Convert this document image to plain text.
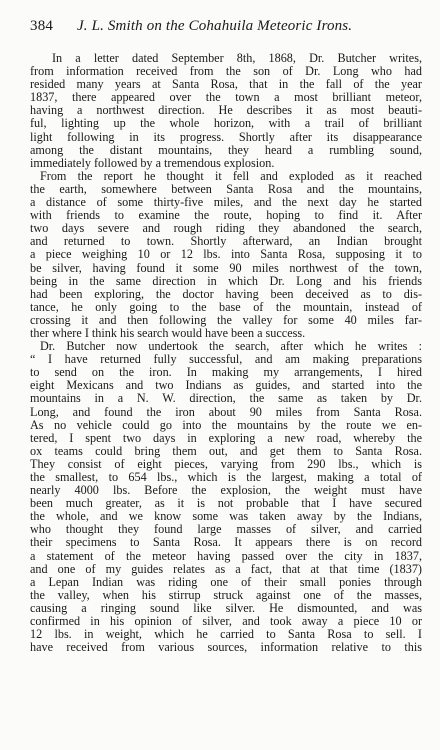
384 J. L. Smith on the Cohahuila Meteoric Irons.
In a letter dated September 8th, 1868, Dr. Butcher writes,
from information received from the son of Dr. Long who had
resided many years at Santa Rosa, that in the fall of the year
1837, there appeared over the town a most brilliant meteor,
having a northwest direction. He describes it as most beauti-
ful, lighting up the whole horizon, with a trail of brilliant
light following in its progress. Shortly after its disappearance
among the distant mountains, they heard a rumbling sound,
immediately followed by a tremendous explosion.
From the report he thought it fell and exploded as it reached
the earth, somewhere between Santa Rosa and the mountains,
a distance of some thirty-five miles, and the next day he started
with friends to examine the route, hoping to find it. After
two days severe and rough riding they abandoned the search,
and returned to town. Shortly afterward, an Indian brought
a piece weighing 10 or 12 lbs. into Santa Rosa, supposing it to
be silver, having found it some 90 miles northwest of the town,
being in the same direction in which Dr. Long and his friends
had been exploring, the doctor having been deceived as to dis-
tance, he only going to the base of the mountain, instead of
crossing it and then following the valley for some 40 miles far-
ther where I think his search would have been a success.
Dr. Butcher now undertook the search, after which he writes :
“ I have returned fully successful, and am making preparations
to send on the iron. In making my arrangements, I hired
eight Mexicans and two Indians as guides, and started into the
mountains in a N. W. direction, the same as taken by Dr.
Long, and found the iron about 90 miles from Santa Rosa.
As no vehicle could go into the mountains by the route we en-
tered, I spent two days in exploring a new road, whereby the
ox teams could bring them out, and get them to Santa Rosa.
They consist of eight pieces, varying from 290 lbs., which is
the smallest, to 654 lbs., which is the largest, making a total of
nearly 4000 lbs. Before the explosion, the weight must have
been much greater, as it is not probable that I have secured
the whole, and we know some was taken away by the Indians,
who thought they found large masses of silver, and carried
their specimens to Santa Rosa. It appears there is on record
a statement of the meteor having passed over the city in 1837,
and one of my guides relates as a fact, that at that time (1837)
a Lepan Indian was riding one of their small ponies through
the valley, when his stirrup struck against one of the masses,
causing a ringing sound like silver. He dismounted, and was
confirmed in his opinion of silver, and took away a piece 10 or
12 lbs. in weight, which he carried to Santa Rosa to sell. I
have received from various sources, information relative to this
